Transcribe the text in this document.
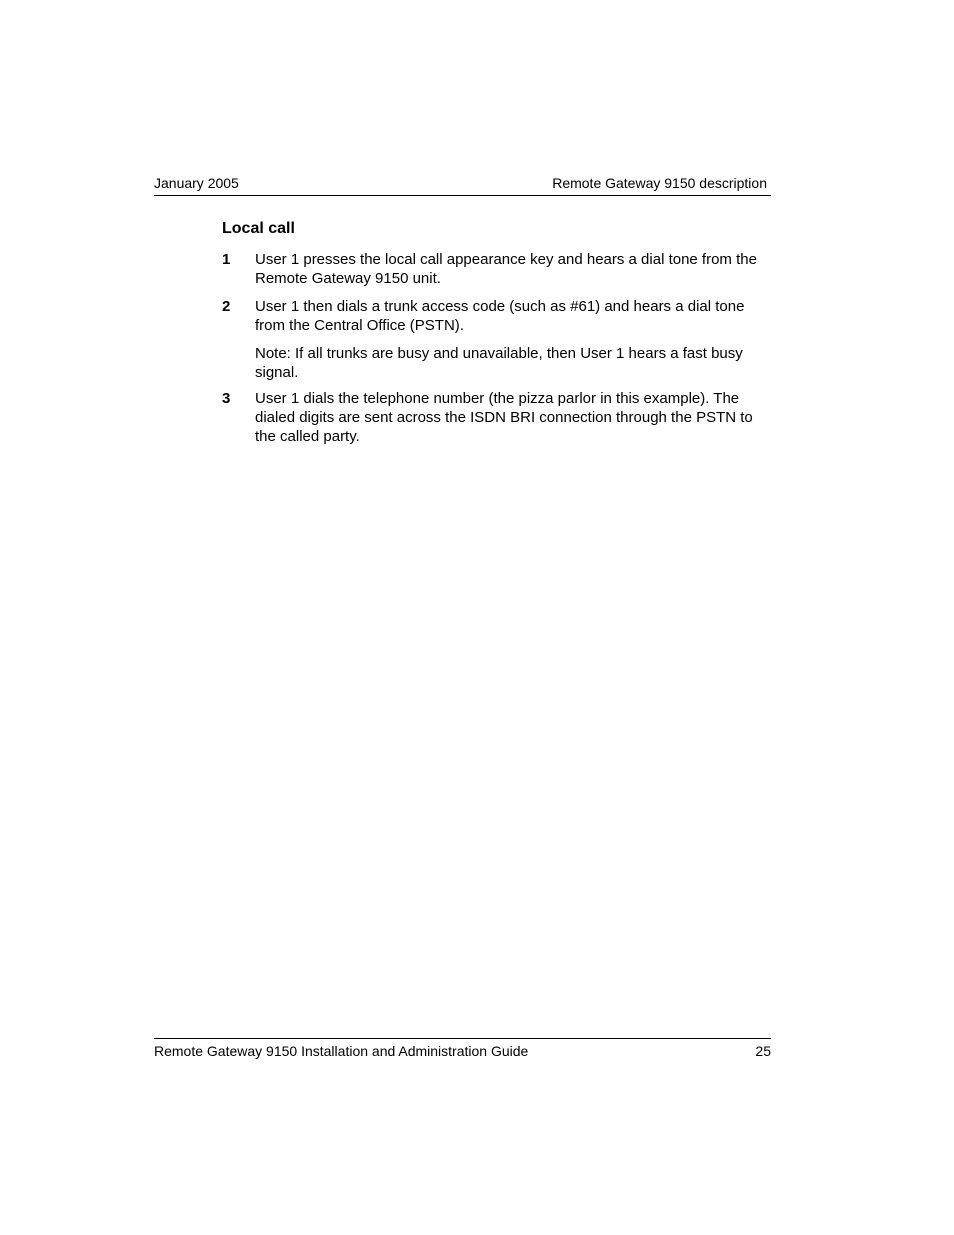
January 2005	Remote Gateway 9150 description
Local call
1 User 1 presses the local call appearance key and hears a dial tone from the Remote Gateway 9150 unit.
2 User 1 then dials a trunk access code (such as #61) and hears a dial tone from the Central Office (PSTN).
Note: If all trunks are busy and unavailable, then User 1 hears a fast busy signal.
3 User 1 dials the telephone number (the pizza parlor in this example). The dialed digits are sent across the ISDN BRI connection through the PSTN to the called party.
Remote Gateway 9150 Installation and Administration Guide	25
